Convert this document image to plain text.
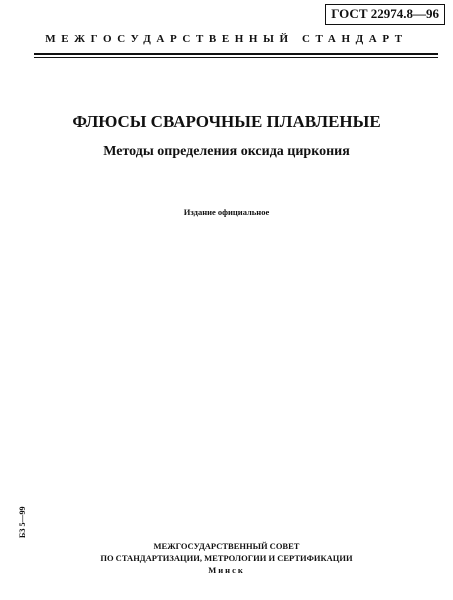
ГОСТ 22974.8—96
МЕЖГОСУДАРСТВЕННЫЙ СТАНДАРТ
ФЛЮСЫ СВАРОЧНЫЕ ПЛАВЛЕНЫЕ
Методы определения оксида циркония
Издание официальное
БЗ 5—99
МЕЖГОСУДАРСТВЕННЫЙ СОВЕТ
ПО СТАНДАРТИЗАЦИИ, МЕТРОЛОГИИ И СЕРТИФИКАЦИИ
Минск
